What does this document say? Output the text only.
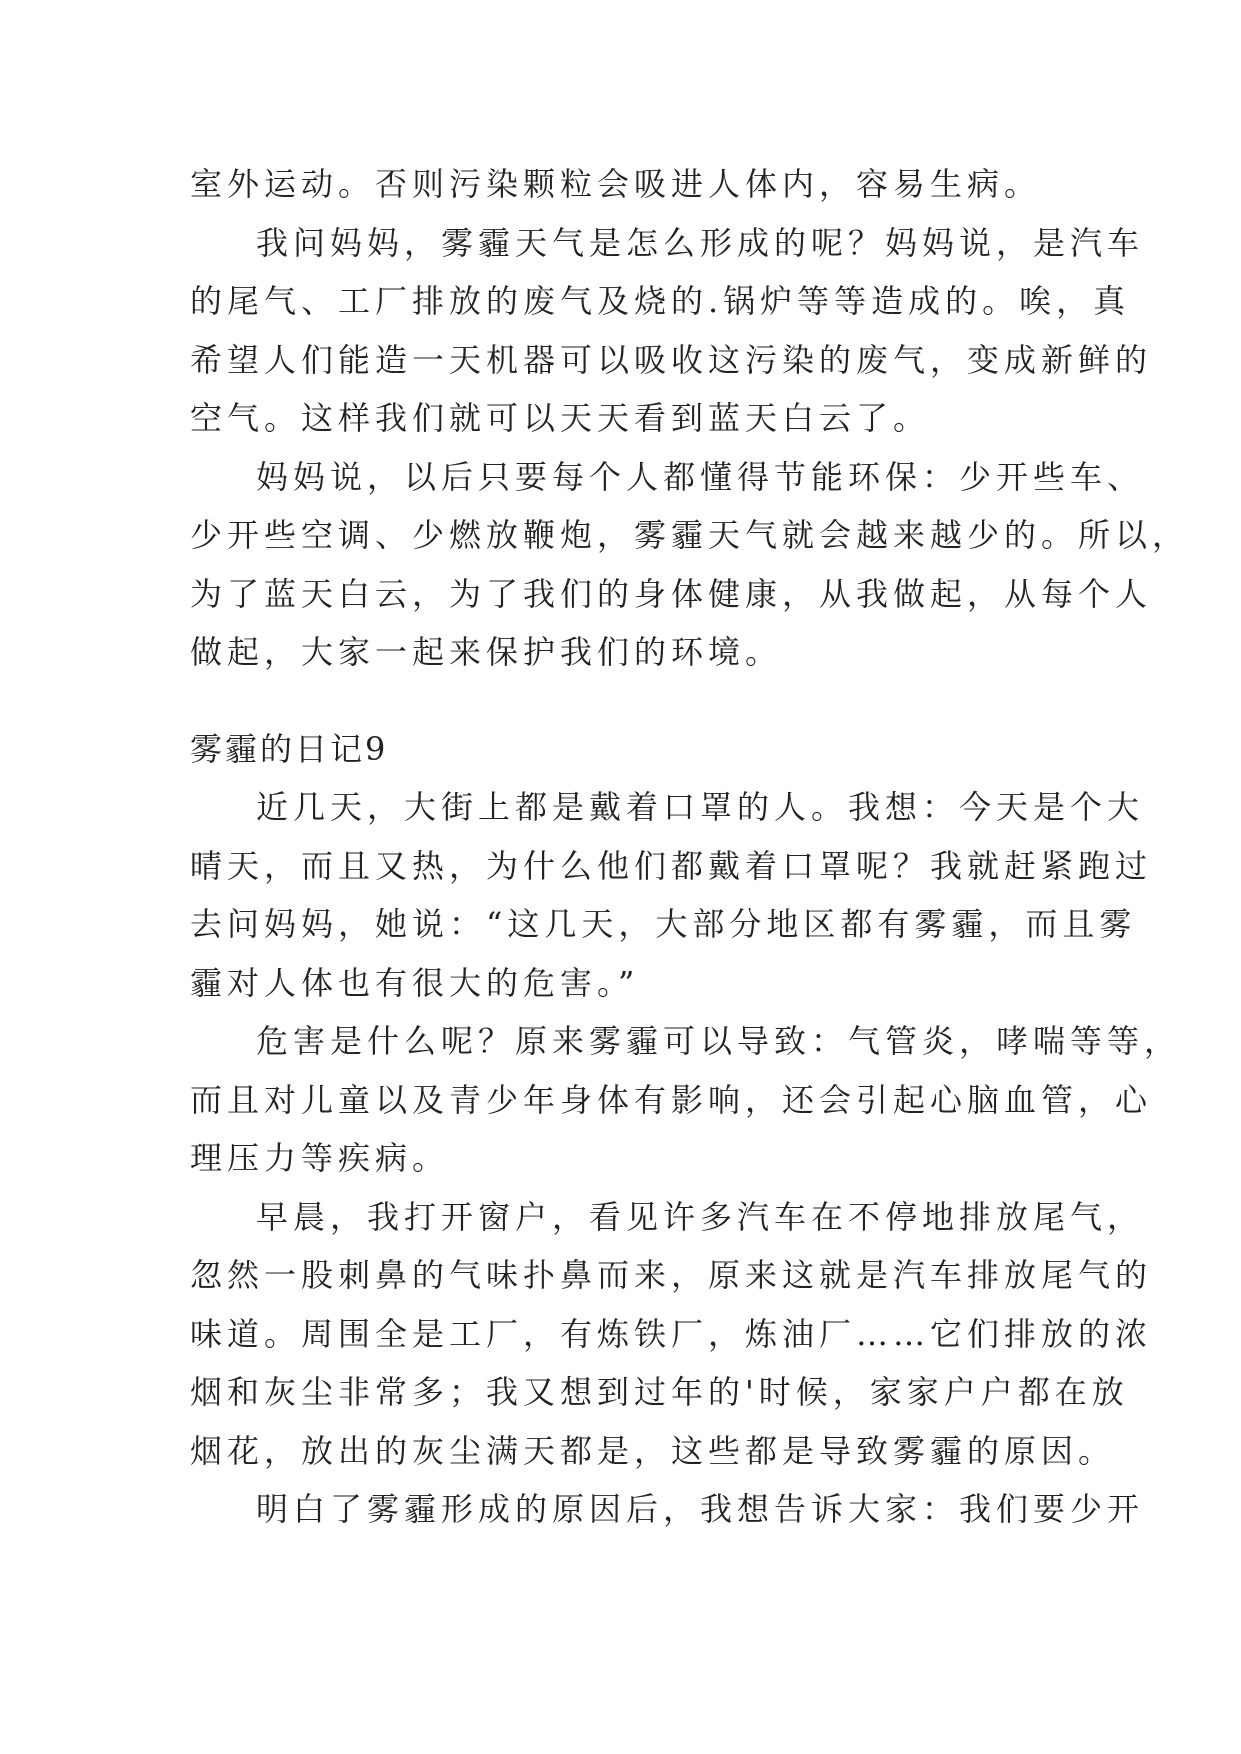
室外运动。否则污染颗粒会吸进人体内，容易生病。
我问妈妈，雾霾天气是怎么形成的呢？妈妈说，是汽车
的尾气、工厂排放的废气及烧的.锅炉等等造成的。唉，真
希望人们能造一天机器可以吸收这污染的废气，变成新鲜的
空气。这样我们就可以天天看到蓝天白云了。
妈妈说，以后只要每个人都懂得节能环保：少开些车、
少开些空调、少燃放鞭炮，雾霾天气就会越来越少的。所以，
为了蓝天白云，为了我们的身体健康，从我做起，从每个人
做起，大家一起来保护我们的环境。
雾霾的日记9
近几天，大街上都是戴着口罩的人。我想：今天是个大
晴天，而且又热，为什么他们都戴着口罩呢？我就赶紧跑过
去问妈妈，她说：“这几天，大部分地区都有雾霾，而且雾
霾对人体也有很大的危害。”
危害是什么呢？原来雾霾可以导致：气管炎，哮喘等等，
而且对儿童以及青少年身体有影响，还会引起心脑血管，心
理压力等疾病。
早晨，我打开窗户，看见许多汽车在不停地排放尾气，
忽然一股刺鼻的气味扑鼻而来，原来这就是汽车排放尾气的
味道。周围全是工厂，有炼铁厂，炼油厂……它们排放的浓
烟和灰尘非常多；我又想到过年的'时候，家家户户都在放
烟花，放出的灰尘满天都是，这些都是导致雾霾的原因。
明白了雾霾形成的原因后，我想告诉大家：我们要少开
